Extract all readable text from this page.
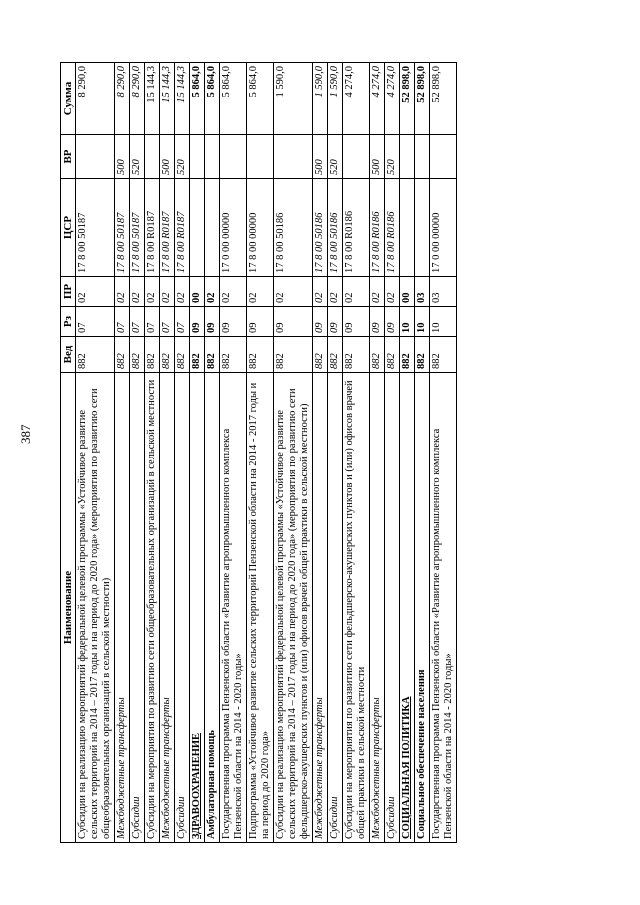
387
Наименование	Вед	Рз	ПР	ЦСР	ВР	Сумма
Субсидии на реализацию мероприятий федеральной целевой программы «Устойчивое развитие сельских территорий на 2014 – 2017 годы и на период до 2020 года» (мероприятия по развитию сети общеобразовательных организаций в сельской местности)	882	07	02	17 8 00 50187		8 290,0
Межбюджетные трансферты	882	07	02	17 8 00 50187	500	8 290,0
Субсидии	882	07	02	17 8 00 50187	520	8 290,0
Субсидии на мероприятия по развитию сети общеобразовательных организаций в сельской местности	882	07	02	17 8 00 R0187		15 144,3
Межбюджетные трансферты	882	07	02	17 8 00 R0187	500	15 144,3
Субсидии	882	07	02	17 8 00 R0187	520	15 144,3
ЗДРАВООХРАНЕНИЕ	882	09	00			5 864,0
Амбулаторная помощь	882	09	02			5 864,0
Государственная программа Пензенской области «Развитие агропромышленного комплекса Пензенской области на 2014 - 2020 годы»	882	09	02	17 0 00 00000		5 864,0
Подпрограмма «Устойчивое развитие сельских территорий Пензенской области на 2014 - 2017 годы и на период до 2020 года»	882	09	02	17 8 00 00000		5 864,0
Субсидии на реализацию мероприятий федеральной целевой программы «Устойчивое развитие сельских территорий на 2014 – 2017 годы и на период до 2020 года» (мероприятия по развитию сети фельдшерско-акушерских пунктов и (или) офисов врачей общей практики в сельской местности)	882	09	02	17 8 00 50186		1 590,0
Межбюджетные трансферты	882	09	02	17 8 00 50186	500	1 590,0
Субсидии	882	09	02	17 8 00 50186	520	1 590,0
Субсидии на мероприятия по развитию сети фельдшерско-акушерских пунктов и (или) офисов врачей общей практики в сельской местности	882	09	02	17 8 00 R0186		4 274,0
Межбюджетные трансферты	882	09	02	17 8 00 R0186	500	4 274,0
Субсидии	882	09	02	17 8 00 R0186	520	4 274,0
СОЦИАЛЬНАЯ ПОЛИТИКА	882	10	00			52 898,0
Социальное обеспечение населения	882	10	03			52 898,0
Государственная программа Пензенской области «Развитие агропромышленного комплекса Пензенской области на 2014 - 2020 годы»	882	10	03	17 0 00 00000		52 898,0
